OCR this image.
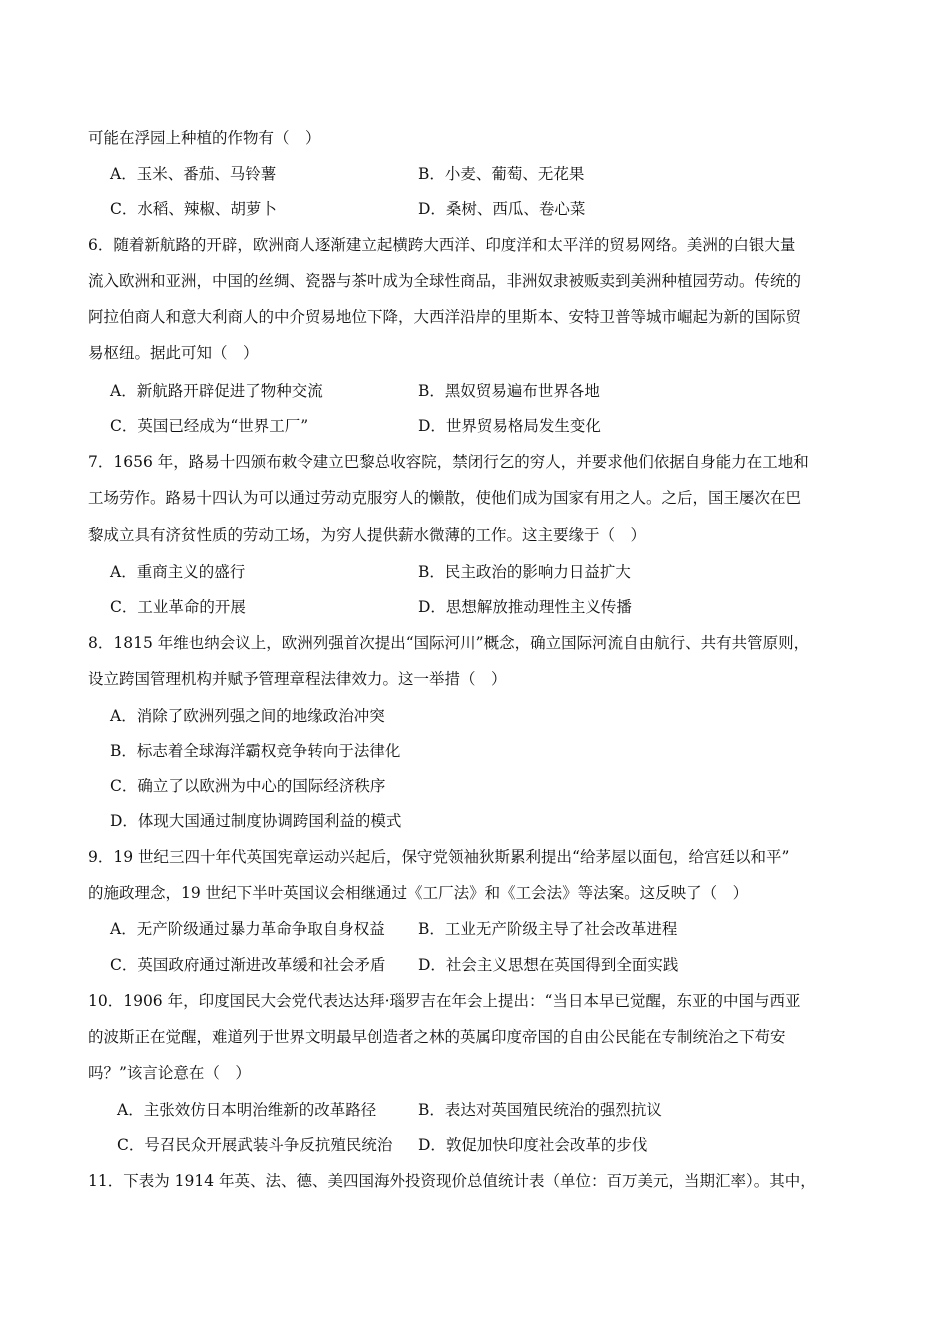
可能在浮园上种植的作物有（　）
A．玉米、番茄、马铃薯	B．小麦、葡萄、无花果
C．水稻、辣椒、胡萝卜	D．桑树、西瓜、卷心菜
6．随着新航路的开辟，欧洲商人逐渐建立起横跨大西洋、印度洋和太平洋的贸易网络。美洲的白银大量
流入欧洲和亚洲，中国的丝绸、瓷器与茶叶成为全球性商品，非洲奴隶被贩卖到美洲种植园劳动。传统的
阿拉伯商人和意大利商人的中介贸易地位下降，大西洋沿岸的里斯本、安特卫普等城市崛起为新的国际贸
易枢纽。据此可知（　）
A．新航路开辟促进了物种交流	B．黑奴贸易遍布世界各地
C．英国已经成为“世界工厂”	D．世界贸易格局发生变化
7．1656 年，路易十四颁布敕令建立巴黎总收容院，禁闭行乞的穷人，并要求他们依据自身能力在工地和
工场劳作。路易十四认为可以通过劳动克服穷人的懒散，使他们成为国家有用之人。之后，国王屡次在巴
黎成立具有济贫性质的劳动工场，为穷人提供薪水微薄的工作。这主要缘于（　）
A．重商主义的盛行	B．民主政治的影响力日益扩大
C．工业革命的开展	D．思想解放推动理性主义传播
8．1815 年维也纳会议上，欧洲列强首次提出“国际河川”概念，确立国际河流自由航行、共有共管原则，
设立跨国管理机构并赋予管理章程法律效力。这一举措（　）
A．消除了欧洲列强之间的地缘政治冲突
B．标志着全球海洋霸权竞争转向于法律化
C．确立了以欧洲为中心的国际经济秩序
D．体现大国通过制度协调跨国利益的模式
9．19 世纪三四十年代英国宪章运动兴起后，保守党领袖狄斯累利提出“给茅屋以面包，给宫廷以和平”
的施政理念，19 世纪下半叶英国议会相继通过《工厂法》和《工会法》等法案。这反映了（　）
A．无产阶级通过暴力革命争取自身权益 B．工业无产阶级主导了社会改革进程
C．英国政府通过渐进改革缓和社会矛盾 D．社会主义思想在英国得到全面实践
10．1906 年，印度国民大会党代表达达拜·瑙罗吉在年会上提出：“当日本早已觉醒，东亚的中国与西亚
的波斯正在觉醒，难道列于世界文明最早创造者之林的英属印度帝国的自由公民能在专制统治之下苟安
吗？”该言论意在（　）
A．主张效仿日本明治维新的改革路径	B．表达对英国殖民统治的强烈抗议
C．号召民众开展武装斗争反抗殖民统治 D．敦促加快印度社会改革的步伐
11．下表为 1914 年英、法、德、美四国海外投资现价总值统计表（单位：百万美元，当期汇率）。其中，
